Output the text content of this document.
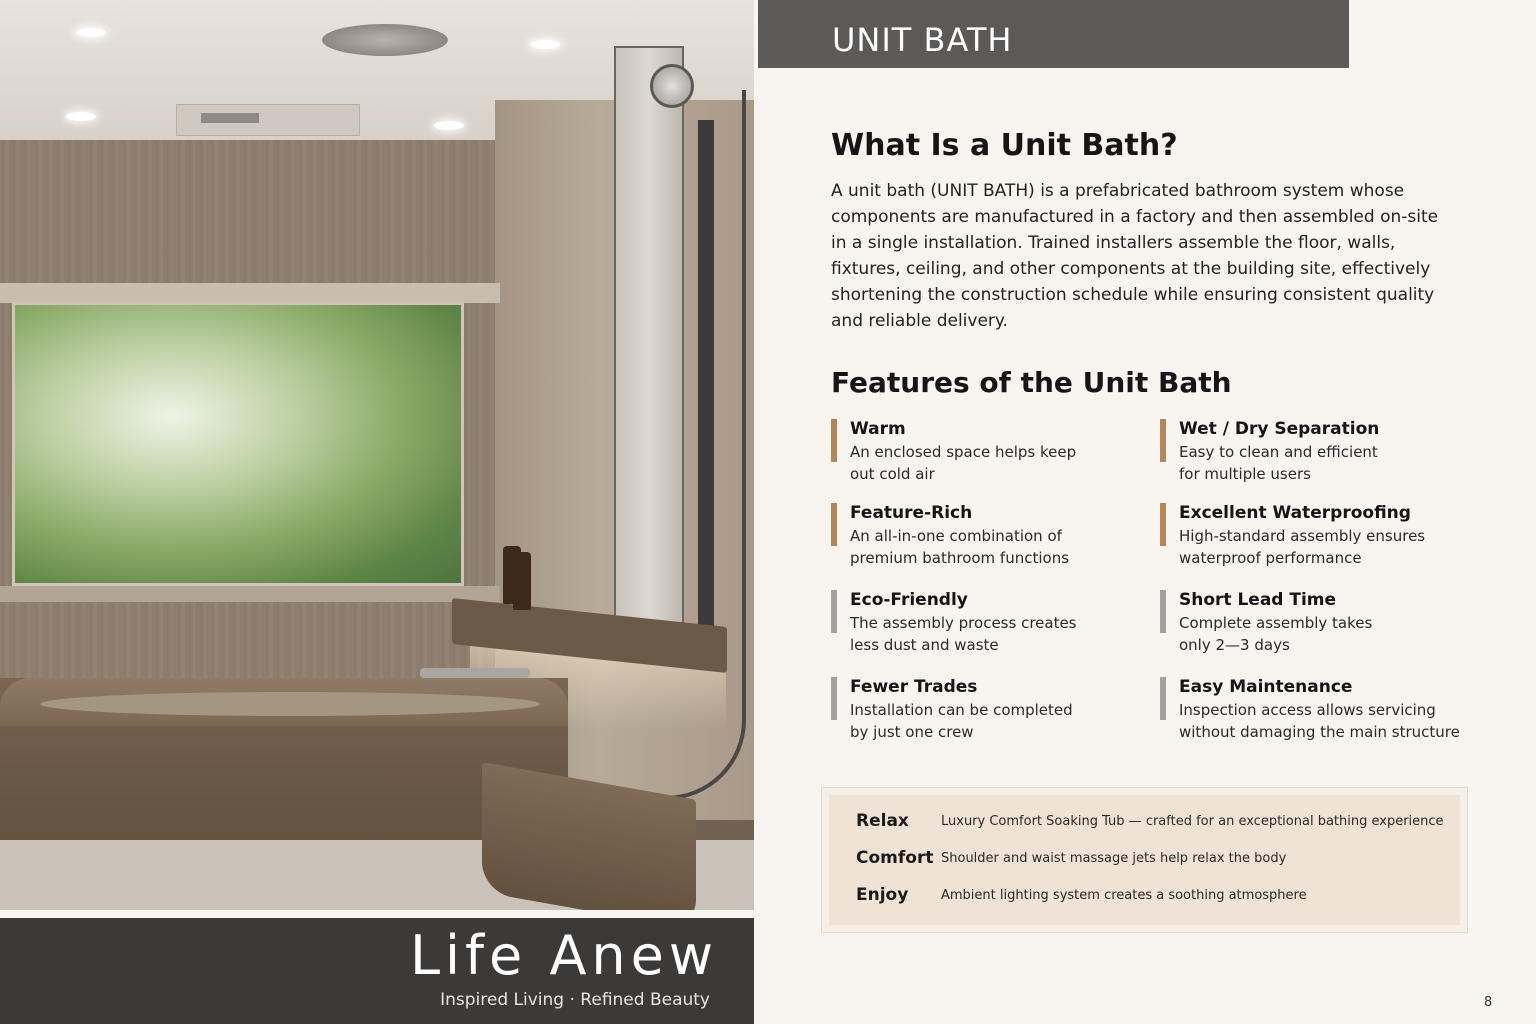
Life Anew
Inspired Living · Refined Beauty
UNIT BATH
What Is a Unit Bath?

A unit bath (UNIT BATH) is a prefabricated bathroom system whose components are manufactured in a factory and then assembled on-site in a single installation. Trained installers assemble the floor, walls, fixtures, ceiling, and other components at the building site, effectively shortening the construction schedule while ensuring consistent quality and reliable delivery.

Features of the Unit Bath
Warm
An enclosed space helps keep
out cold air
Wet / Dry Separation
Easy to clean and efficient
for multiple users
Feature-Rich
An all-in-one combination of
premium bathroom functions
Excellent Waterproofing
High-standard assembly ensures
waterproof performance
Eco-Friendly
The assembly process creates
less dust and waste
Short Lead Time
Complete assembly takes
only 2—3 days
Fewer Trades
Installation can be completed
by just one crew
Easy Maintenance
Inspection access allows servicing
without damaging the main structure
Relax	Luxury Comfort Soaking Tub — crafted for an exceptional bathing experience
Comfort Shoulder and waist massage jets help relax the body
Enjoy	Ambient lighting system creates a soothing atmosphere
8
